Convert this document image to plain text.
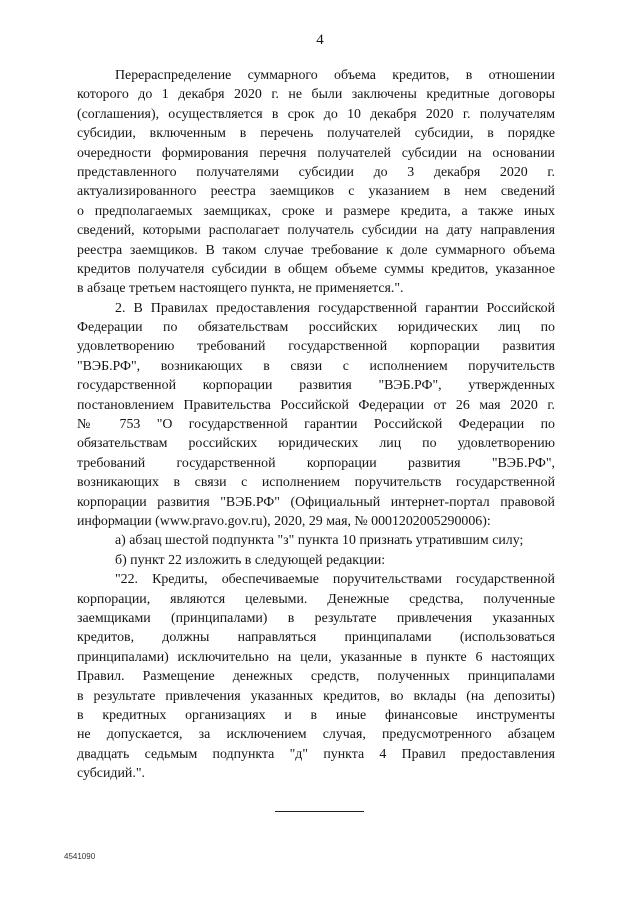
4
Перераспределение суммарного объема кредитов, в отношении
которого до 1 декабря 2020 г. не были заключены кредитные договоры
(соглашения), осуществляется в срок до 10 декабря 2020 г. получателям
субсидии, включенным в перечень получателей субсидии, в порядке
очередности формирования перечня получателей субсидии на основании
представленного получателями субсидии до 3 декабря 2020 г.
актуализированного реестра заемщиков с указанием в нем сведений
о предполагаемых заемщиках, сроке и размере кредита, а также иных
сведений, которыми располагает получатель субсидии на дату направления
реестра заемщиков. В таком случае требование к доле суммарного объема
кредитов получателя субсидии в общем объеме суммы кредитов, указанное
в абзаце третьем настоящего пункта, не применяется.".
2. В Правилах предоставления государственной гарантии Российской
Федерации по обязательствам российских юридических лиц по
удовлетворению требований государственной корпорации развития
"ВЭБ.РФ", возникающих в связи с исполнением поручительств
государственной корпорации развития "ВЭБ.РФ", утвержденных
постановлением Правительства Российской Федерации от 26 мая 2020 г.
№ 753 "О государственной гарантии Российской Федерации по
обязательствам российских юридических лиц по удовлетворению
требований государственной корпорации развития "ВЭБ.РФ",
возникающих в связи с исполнением поручительств государственной
корпорации развития "ВЭБ.РФ" (Официальный интернет-портал правовой
информации (www.pravo.gov.ru), 2020, 29 мая, № 0001202005290006):
а) абзац шестой подпункта "з" пункта 10 признать утратившим силу;
б) пункт 22 изложить в следующей редакции:
"22. Кредиты, обеспечиваемые поручительствами государственной
корпорации, являются целевыми. Денежные средства, полученные
заемщиками (принципалами) в результате привлечения указанных
кредитов, должны направляться принципалами (использоваться
принципалами) исключительно на цели, указанные в пункте 6 настоящих
Правил. Размещение денежных средств, полученных принципалами
в результате привлечения указанных кредитов, во вклады (на депозиты)
в кредитных организациях и в иные финансовые инструменты
не допускается, за исключением случая, предусмотренного абзацем
двадцать седьмым подпункта "д" пункта 4 Правил предоставления
субсидий.".
4541090
